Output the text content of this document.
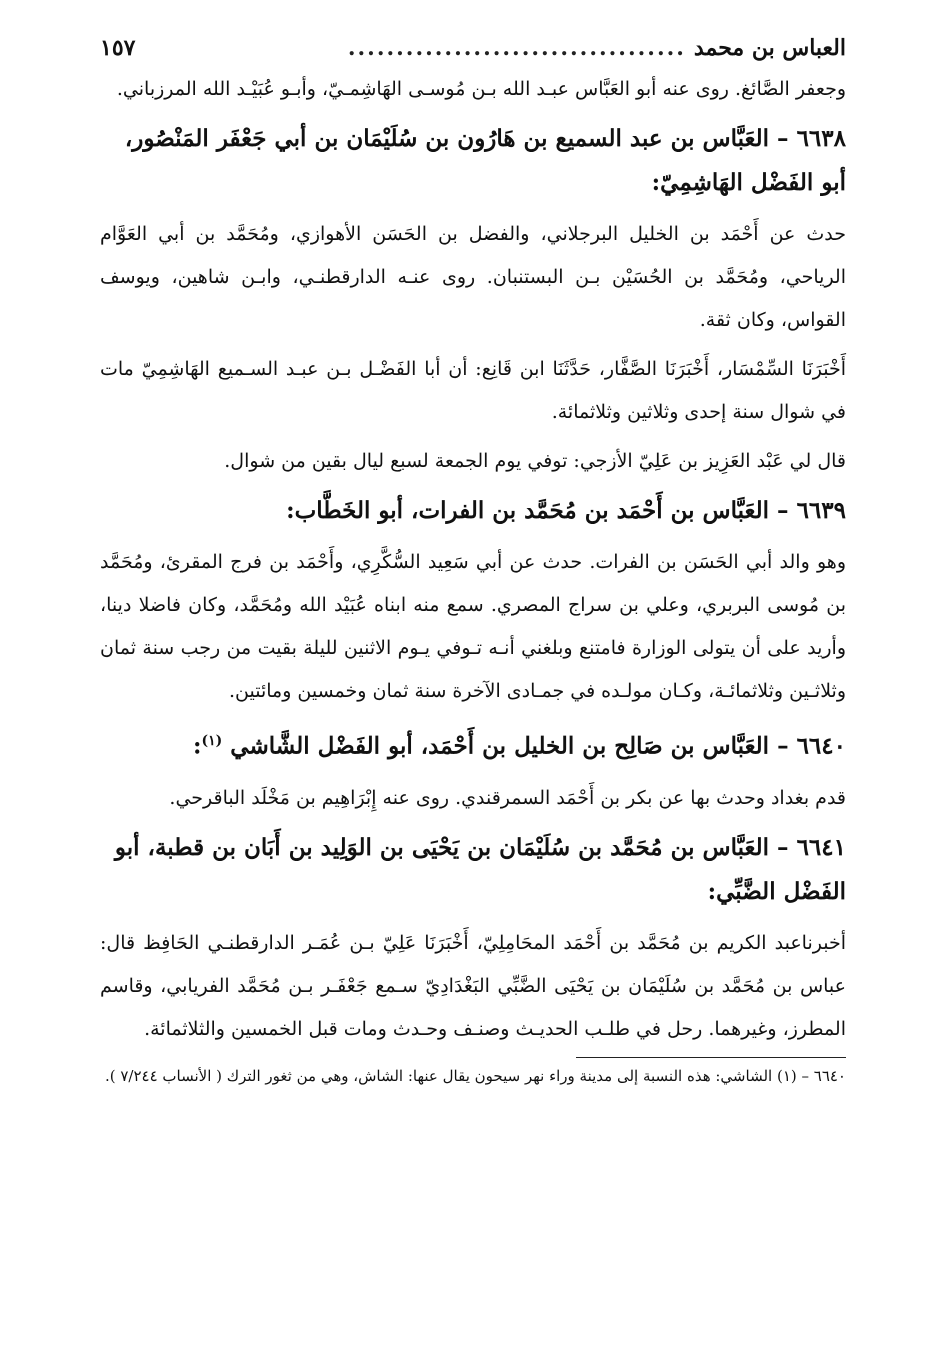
العباس بن محمد
...................................
١٥٧

وجعفر الصَّائغ. روى عنه أبو العَبَّاس عبـد الله بـن مُوسـى الهَاشِمـيّ، وأبـو عُبَيْـد الله المرزباني.

٦٦٣٨ – العَبَّاس بن عبد السميع بن هَارُون بن سُلَيْمَان بن أبي جَعْفَر المَنْصُور، أبو الفَضْل الهَاشِمِيّ:

حدث عن أَحْمَد بن الخليل البرجلاني، والفضل بن الحَسَن الأهوازي، ومُحَمَّد بن أبي العَوَّام الرياحي، ومُحَمَّد بن الحُسَيْن بـن البستنبان. روى عنـه الدارقطنـي، وابـن شاهين، ويوسف القواس، وكان ثقة.

أَخْبَرَنَا السِّمْسَار، أَخْبَرَنَا الصَّفَّار، حَدَّثَنَا ابن قَانِع: أن أبا الفَضْـل بـن عبـد السـميع الهَاشِمِيّ مات في شوال سنة إحدى وثلاثين وثلاثمائة.

قال لي عَبْد العَزِيز بن عَلِيّ الأزجي: توفي يوم الجمعة لسبع ليال بقين من شوال.

٦٦٣٩ – العَبَّاس بن أَحْمَد بن مُحَمَّد بن الفرات، أبو الخَطَّاب:

وهو والد أبي الحَسَن بن الفرات. حدث عن أبي سَعِيد السُّكَّرِي، وأَحْمَد بن فرج المقرئ، ومُحَمَّد بن مُوسى البربري، وعلي بن سراج المصري. سمع منه ابناه عُبَيْد الله ومُحَمَّد، وكان فاضلا دينا، وأريد على أن يتولى الوزارة فامتنع وبلغني أنـه تـوفي يـوم الاثنين لليلة بقيت من رجب سنة ثمان وثلاثـين وثلاثمائـة، وكـان مولـده في جمـادى الآخرة سنة ثمان وخمسين ومائتين.

٦٦٤٠ – العَبَّاس بن صَالِح بن الخليل بن أَحْمَد، أبو الفَضْل الشَّاشي $^{(١)}$:

قدم بغداد وحدث بها عن بكر بن أَحْمَد السمرقندي. روى عنه إِبْرَاهِيم بن مَخْلَد الباقرحي.

٦٦٤١ – العَبَّاس بن مُحَمَّد بن سُلَيْمَان بن يَحْيَى بن الوَلِيد بن أَبَان بن قطبة، أبو الفَضْل الضَّبِّي:

أخبرناعبد الكريم بن مُحَمَّد بن أَحْمَد المحَامِلِيّ، أَخْبَرَنَا عَلِيّ بـن عُمَـر الدارقطنـي الحَافِظ قال: عباس بن مُحَمَّد بن سُلَيْمَان بن يَحْيَى الضَّبِّي البَغْدَادِيّ سـمع جَعْفَـر بـن مُحَمَّد الفريابي، وقاسم المطرز، وغيرهما. رحل في طلـب الحديـث وصنـف وحـدث ومات قبل الخمسين والثلاثمائة.

٦٦٤٠ – (١) الشاشي: هذه النسبة إلى مدينة وراء نهر سيحون يقال عنها: الشاش، وهي من ثغور الترك ( الأنساب ٧/٢٤٤ ).
